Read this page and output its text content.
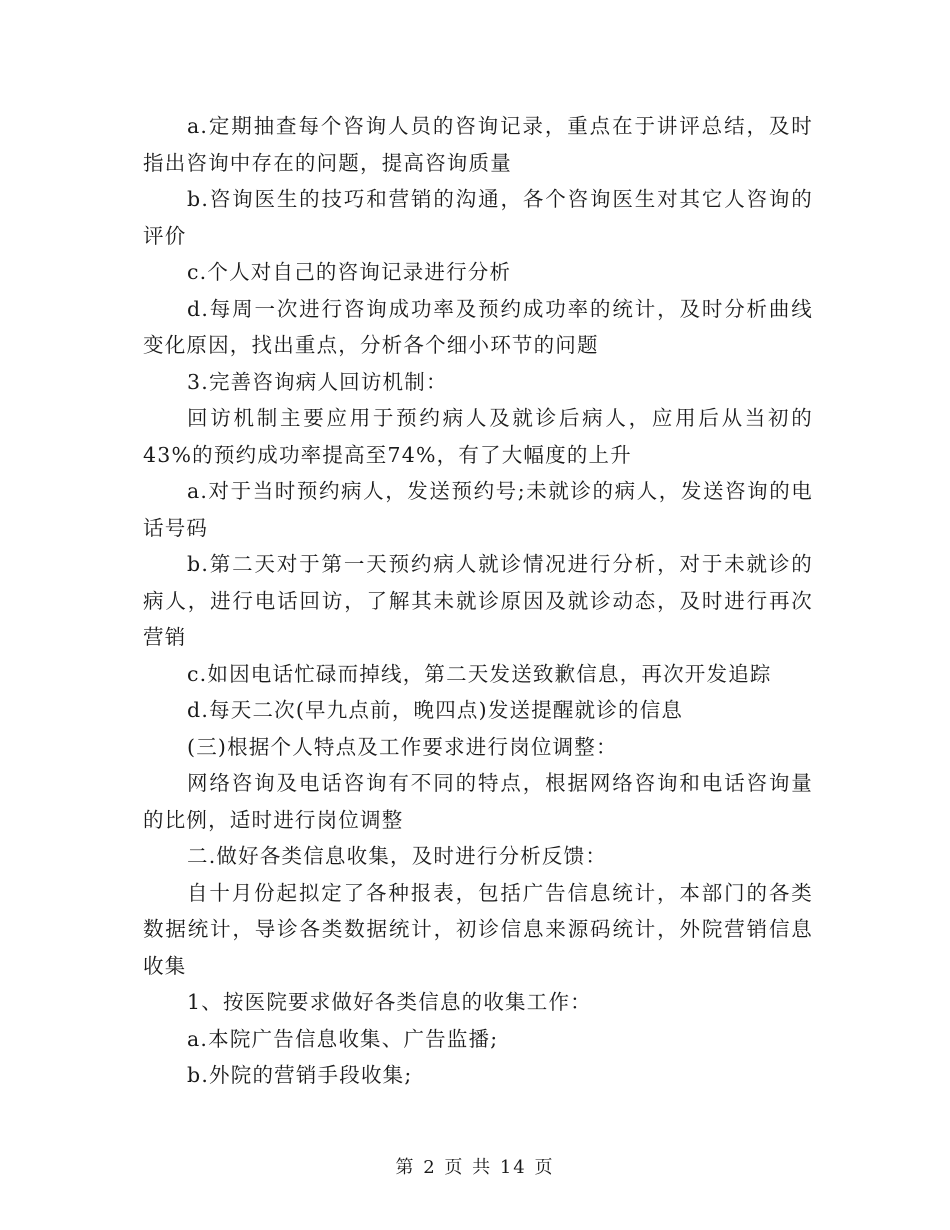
a.定期抽查每个咨询人员的咨询记录，重点在于讲评总结，及时指出咨询中存在的问题，提高咨询质量

b.咨询医生的技巧和营销的沟通，各个咨询医生对其它人咨询的评价

c.个人对自己的咨询记录进行分析

d.每周一次进行咨询成功率及预约成功率的统计，及时分析曲线变化原因，找出重点，分析各个细小环节的问题

3.完善咨询病人回访机制：

回访机制主要应用于预约病人及就诊后病人，应用后从当初的43%的预约成功率提高至74%，有了大幅度的上升

a.对于当时预约病人，发送预约号;未就诊的病人，发送咨询的电话号码

b.第二天对于第一天预约病人就诊情况进行分析，对于未就诊的病人，进行电话回访，了解其未就诊原因及就诊动态，及时进行再次营销

c.如因电话忙碌而掉线，第二天发送致歉信息，再次开发追踪

d.每天二次(早九点前，晚四点)发送提醒就诊的信息

(三)根据个人特点及工作要求进行岗位调整：

网络咨询及电话咨询有不同的特点，根据网络咨询和电话咨询量的比例，适时进行岗位调整

二.做好各类信息收集，及时进行分析反馈：

自十月份起拟定了各种报表，包括广告信息统计，本部门的各类数据统计，导诊各类数据统计，初诊信息来源码统计，外院营销信息收集

1、按医院要求做好各类信息的收集工作：

a.本院广告信息收集、广告监播;

b.外院的营销手段收集;

第 2 页 共 14 页
